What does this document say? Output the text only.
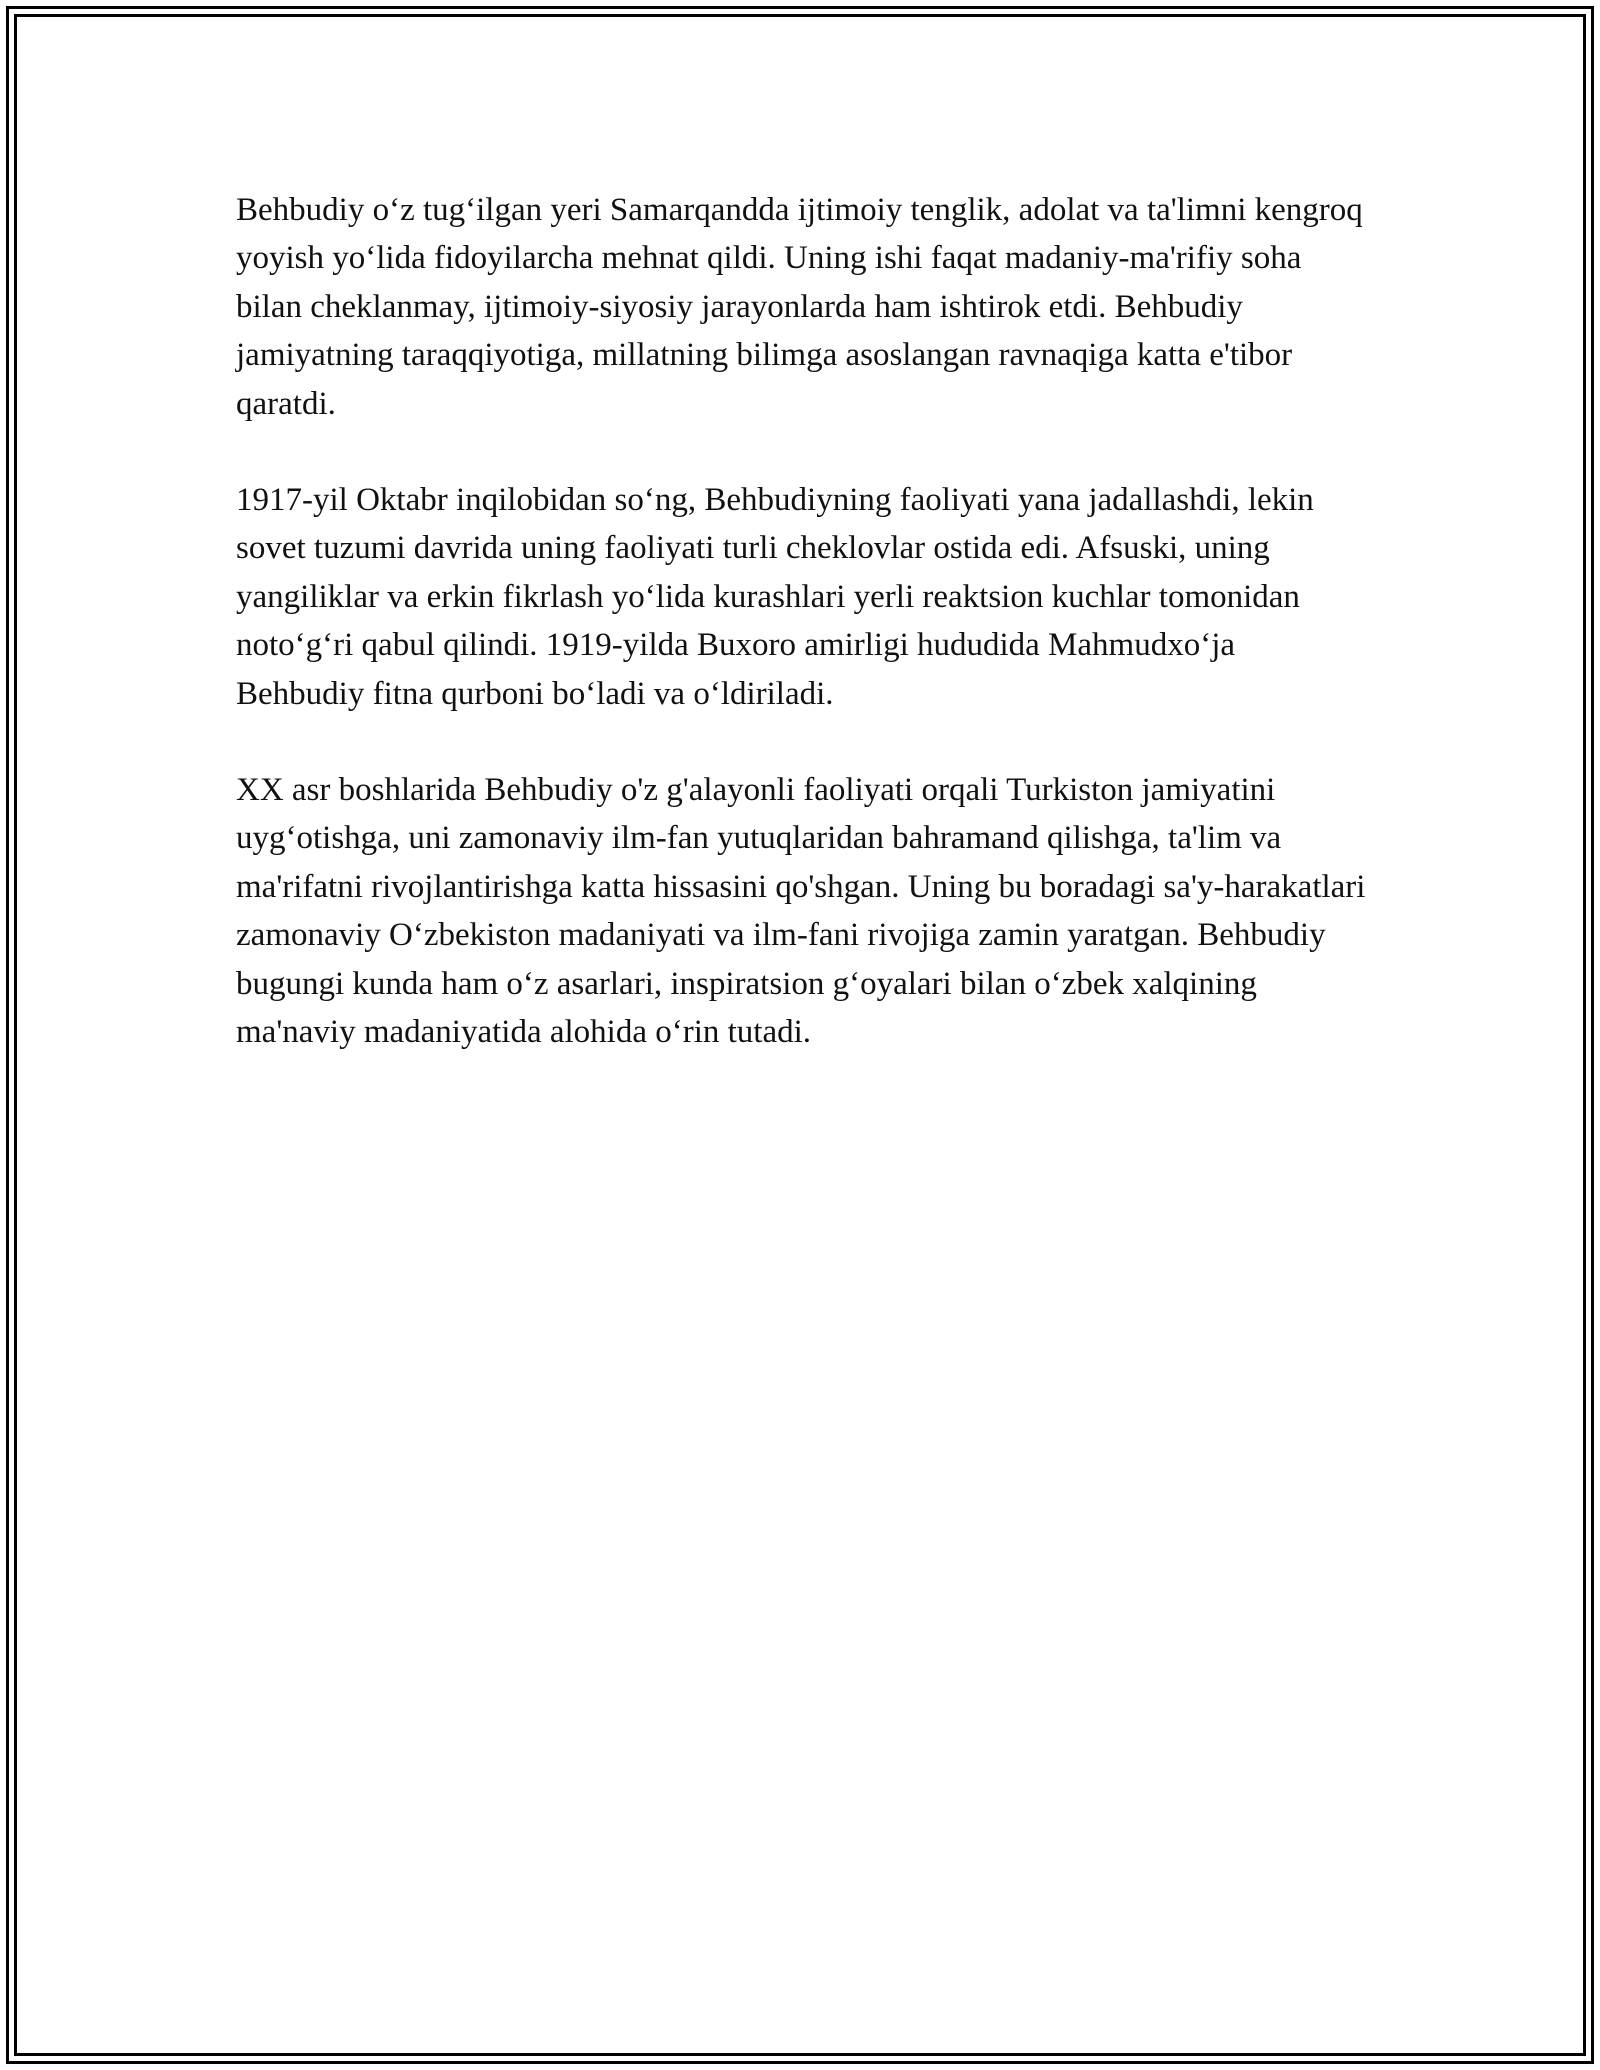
Behbudiy o‘z tug‘ilgan yeri Samarqandda ijtimoiy tenglik, adolat va ta'limni kengroq yoyish yo‘lida fidoyilarcha mehnat qildi. Uning ishi faqat madaniy-ma'rifiy soha bilan cheklanmay, ijtimoiy-siyosiy jarayonlarda ham ishtirok etdi. Behbudiy jamiyatning taraqqiyotiga, millatning bilimga asoslangan ravnaqiga katta e'tibor qaratdi.

1917-yil Oktabr inqilobidan so‘ng, Behbudiyning faoliyati yana jadallashdi, lekin sovet tuzumi davrida uning faoliyati turli cheklovlar ostida edi. Afsuski, uning yangiliklar va erkin fikrlash yo‘lida kurashlari yerli reaktsion kuchlar tomonidan noto‘g‘ri qabul qilindi. 1919-yilda Buxoro amirligi hududida Mahmudxo‘ja Behbudiy fitna qurboni bo‘ladi va o‘ldiriladi.

XX asr boshlarida Behbudiy o'z g'alayonli faoliyati orqali Turkiston jamiyatini uyg‘otishga, uni zamonaviy ilm-fan yutuqlaridan bahramand qilishga, ta'lim va ma'rifatni rivojlantirishga katta hissasini qo'shgan. Uning bu boradagi sa'y-harakatlari zamonaviy O‘zbekiston madaniyati va ilm-fani rivojiga zamin yaratgan. Behbudiy bugungi kunda ham o‘z asarlari, inspiratsion g‘oyalari bilan o‘zbek xalqining ma'naviy madaniyatida alohida o‘rin tutadi.
